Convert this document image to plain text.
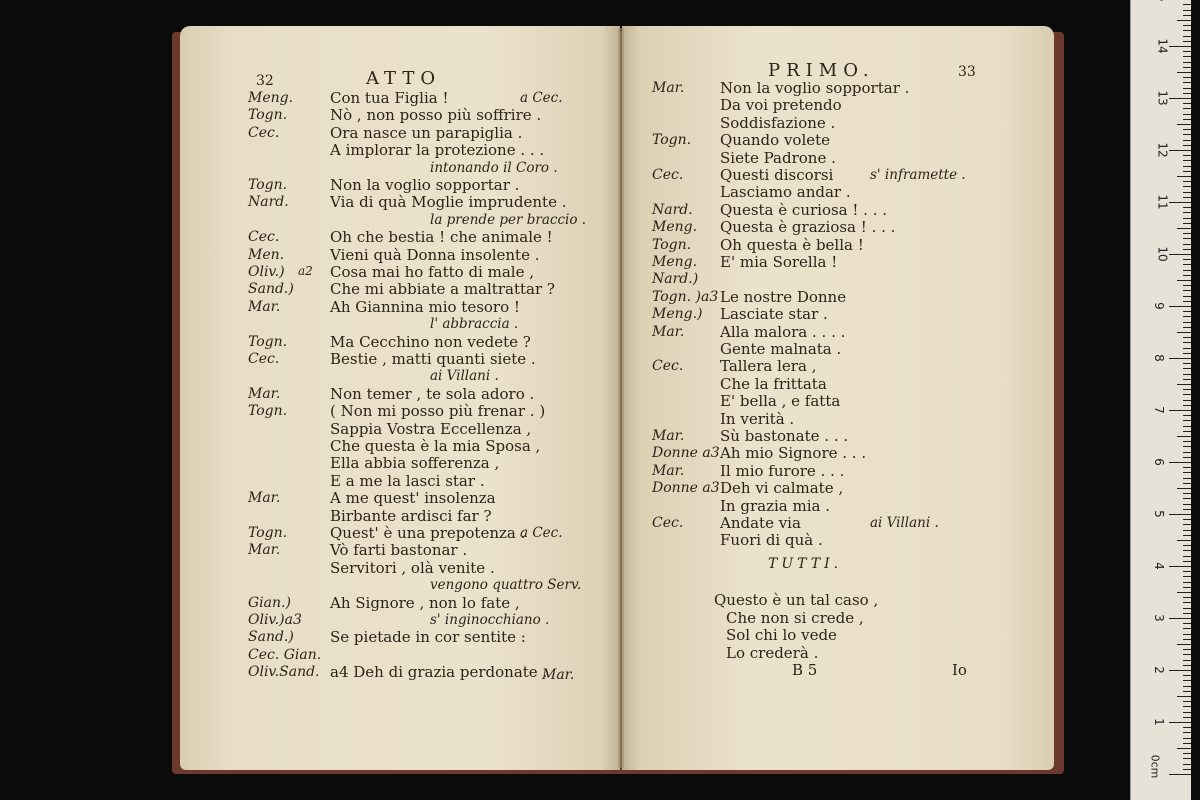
32	ATTO
Mar.
Meng. Con tua Figlia !	a Cec.
Togn.	Nò , non posso più soffrire .
Cec.	Ora nasce un parapiglia .
A implorar la protezione . . .
intonando il Coro .
Togn.	Non la voglio sopportar .
Nard.	Via di quà Moglie imprudente .
la prende per braccio .
Cec.	Oh che bestia ! che animale !
Men.	Vieni quà Donna insolente .
Oliv.)	Cosa mai ho fatto di male ,
Sand.) Che mi abbiate a maltrattar ?
Mar.	Ah Giannina mio tesoro !
l' abbraccia .
Togn.	Ma Cecchino non vedete ?
Cec.	Bestie , matti quanti siete .
ai Villani .
Mar.	Non temer , te sola adoro .
Togn.	( Non mi posso più frenar . )
Sappia Vostra Eccellenza ,
Che questa è la mia Sposa ,
Ella abbia sofferenza ,
E a me la lasci star .
Mar.	A me quest' insolenza
Birbante ardisci far ?
Togn.	Quest' è una prepotenza .
a Cec.
Mar.	Vò farti bastonar .
Servitori , olà venite .
vengono quattro Serv.
Gian.)	Ah Signore , non lo fate ,
Oliv.)a3	s' inginocchiano .
Sand.) Se pietade in cor sentite :
Cec. Gian.
Oliv.Sand. a4 Deh di grazia perdonate .
a2
PRIMO.	33
TUTTI.
B 5	Io
Mar. Non la voglio sopportar .
Da voi pretendo
Soddisfazione .
Togn. Quando volete
Siete Padrone .
Cec. Questi discorsi	s' inframette .
Lasciamo andar .
Nard. Questa è curiosa ! . . .
Meng. Questa è graziosa ! . . .
Togn. Oh questa è bella !
Meng. E' mia Sorella !
Nard.)
Togn. )a3 Le nostre Donne
Meng.) Lasciate star .
Mar. Alla malora . . . .
Gente malnata .
Cec. Tallera lera ,
Che la frittata
E' bella , e fatta
In verità .
Mar. Sù bastonate . . .
Donne a3 Ah mio Signore . . .
Mar. Il mio furore . . .
Donne a3 Deh vi calmate ,
In grazia mia .
Cec. Andate via	ai Villani .
Fuori di quà .
Questo è un tal caso ,
Che non si crede ,
Sol chi lo vede
Lo crederà .
0cm
1
2
3
4
5
6
7
8
9
10
11
12
13
14
